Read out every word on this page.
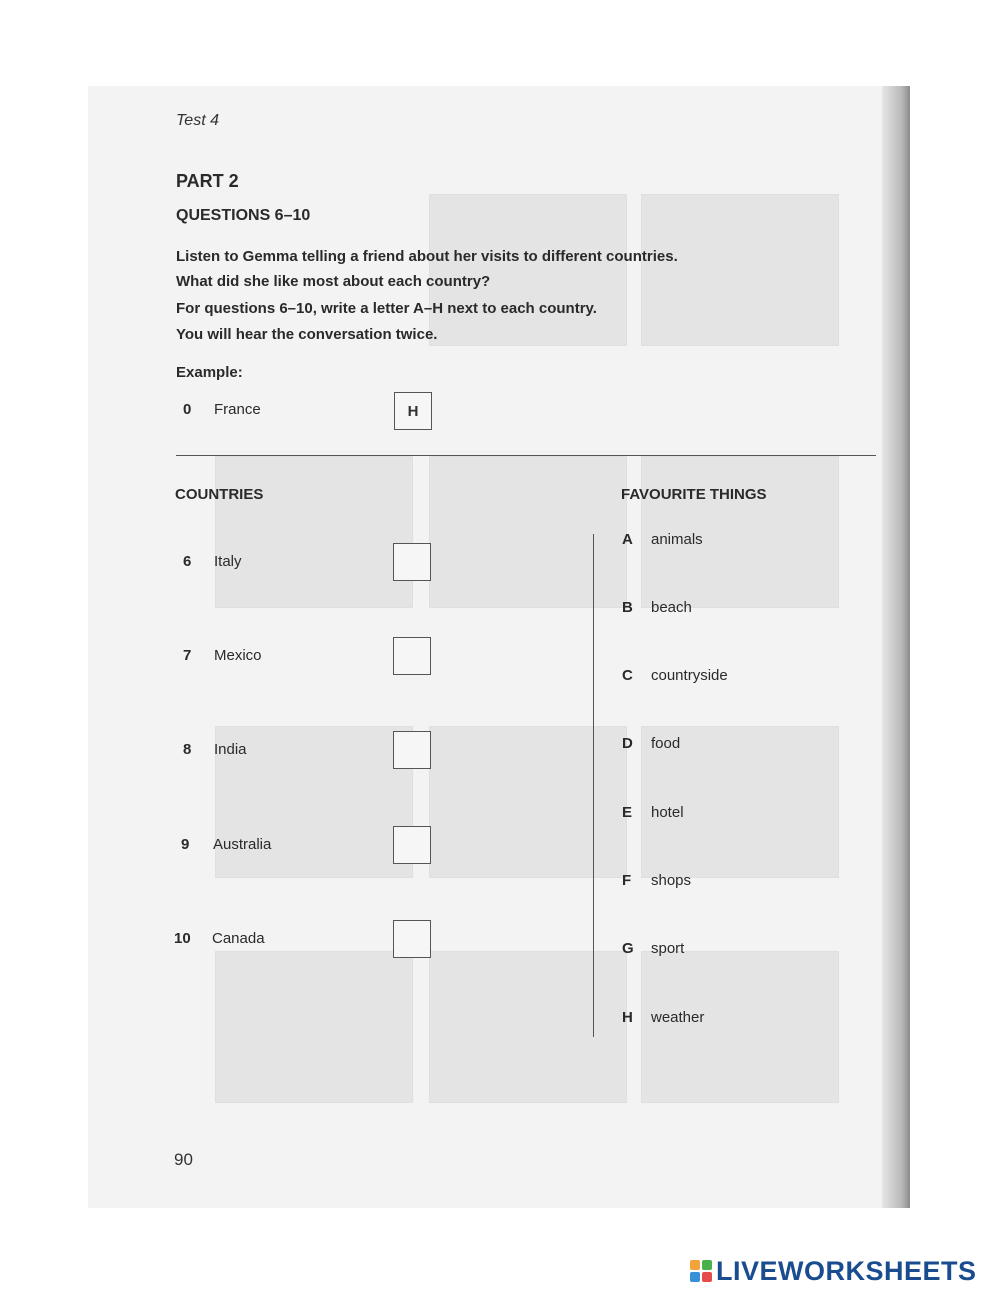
Test 4
PART 2
QUESTIONS 6–10
Listen to Gemma telling a friend about her visits to different countries.
What did she like most about each country?
For questions 6–10, write a letter A–H next to each country.
You will hear the conversation twice.
Example:
0 France	H
COUNTRIES	FAVOURITE THINGS
6 Italy
7 Mexico
8 India
9 Australia
10 Canada
A animals
B beach
C countryside
D food
E hotel
F shops
G sport
H weather
90
LIVEWORKSHEETS
